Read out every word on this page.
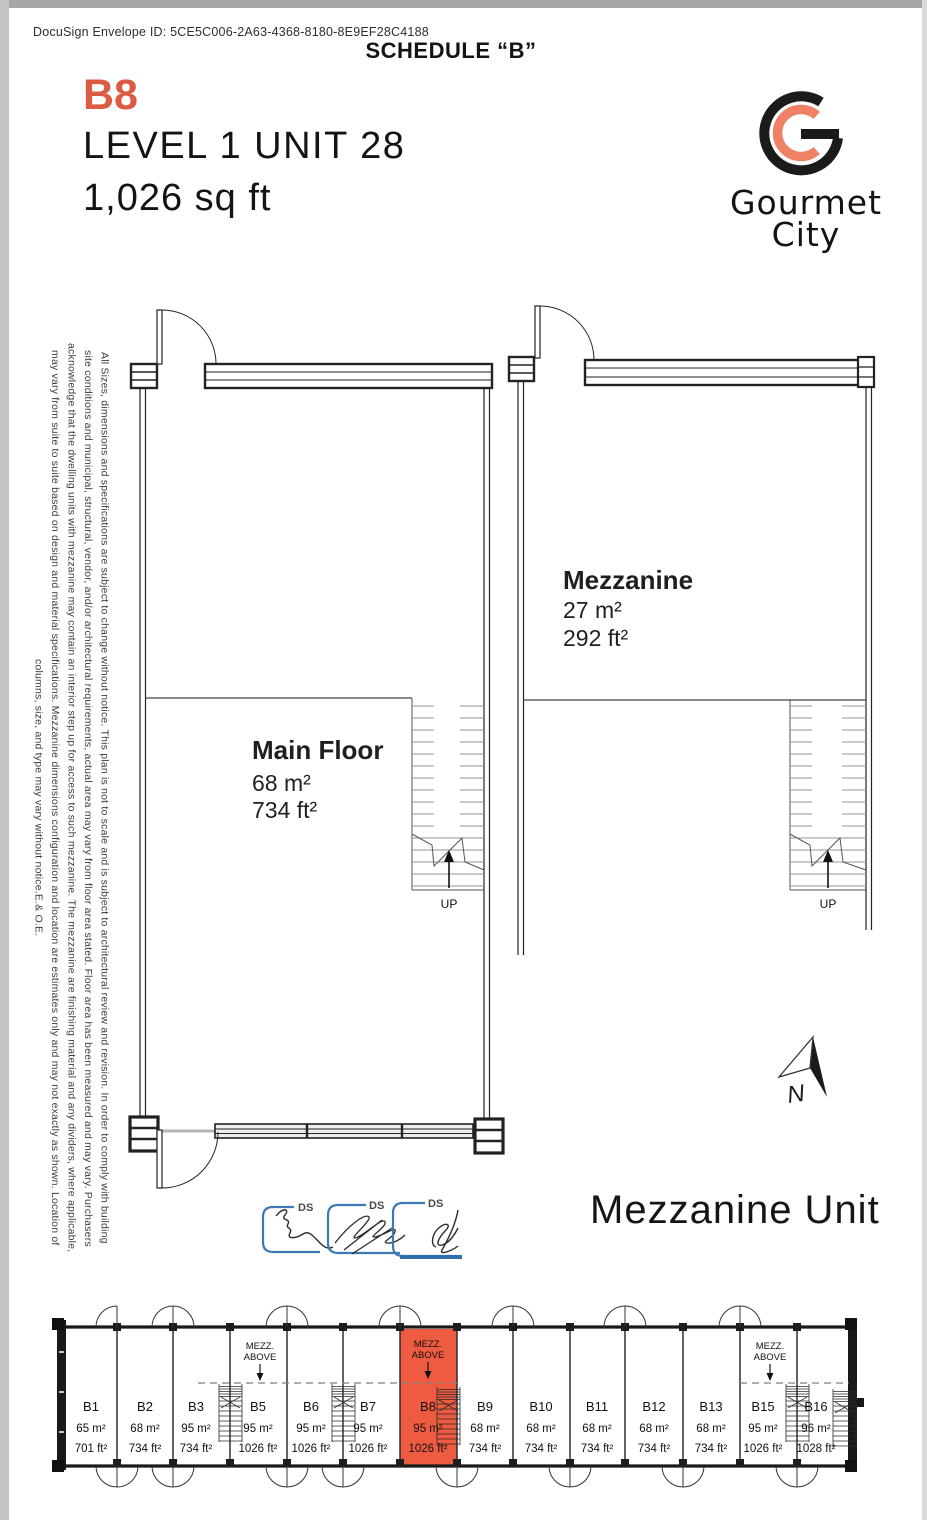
DocuSign Envelope ID: 5CE5C006-2A63-4368-8180-8E9EF28C4188
SCHEDULE “B”
B8
LEVEL 1 UNIT 28
1,026 sq ft
All Sizes, dimensions and specifications are subject to change without notice. This plan is not to scale and is subject to architectural review and revision. In order to comply with building
site conditions and municipal, structural, vendor, and/or architectural requirements, actual area may vary from floor area stated. Floor area has been measured and may vary. Purchasers
acknowledge that the dwelling units with mezzanine may contain an interior step up for access to such mezzanine. The mezzanine are finishing material and any dividers, where applicable,
may vary from suite to suite based on design and material specifications. Mezzanine dimensions configuration and location are estimates only and may not exactly as shown. Location of
columns, size, and type may vary without notice.E.& O.E.
Gourmet
City
Main Floor
68 m²
734 ft²
UP
Mezzanine
27 m²
292 ft²
UP
N
Mezzanine Unit
DS	DS	DS
MEZZ.
ABOVE
MEZZ.
ABOVE
MEZZ.
ABOVE
B1
65 m²
701 ft²
B2
68 m²
734 ft²
B3
95 m²
734 ft²
B5
95 m²
1026 ft²
B6
95 m²
1026 ft²
B7
95 m²
1026 ft²
B8
95 m²
1026 ft²
B9
68 m²
734 ft²
B10
68 m²
734 ft²
B11
68 m²
734 ft²
B12
68 m²
734 ft²
B13
68 m²
734 ft²
B15
95 m²
1026 ft²
B16
96 m²
1028 ft²
